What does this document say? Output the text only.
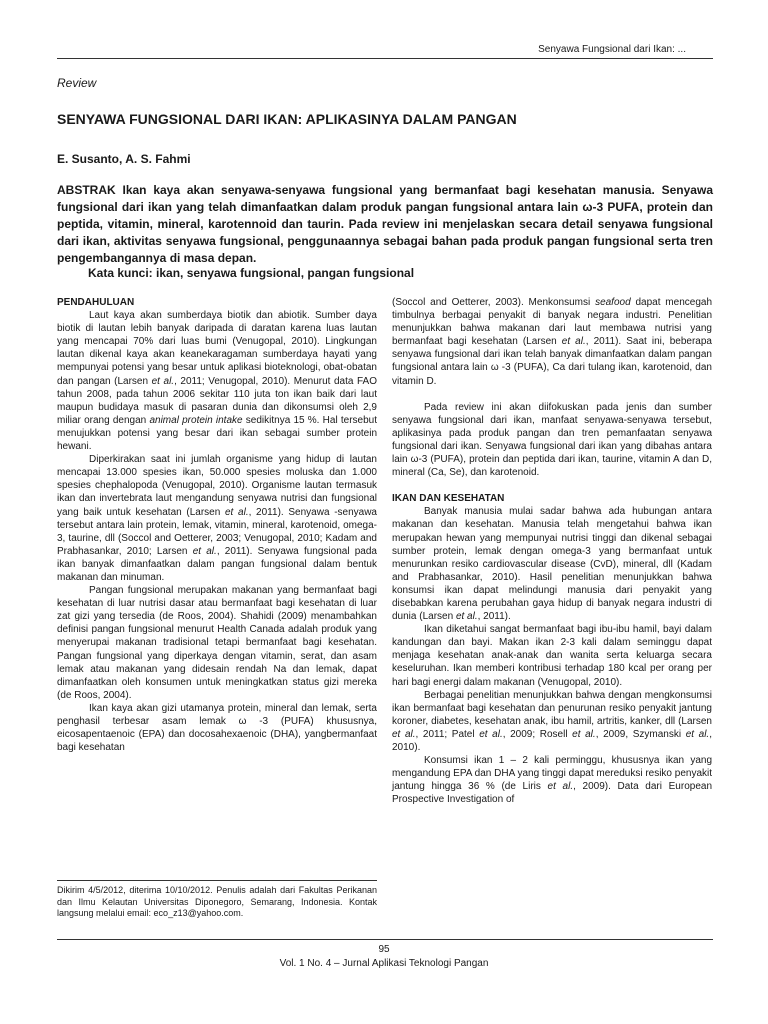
Senyawa Fungsional dari Ikan: ...
Review
SENYAWA FUNGSIONAL DARI IKAN: APLIKASINYA DALAM PANGAN
E. Susanto, A. S. Fahmi

ABSTRAK Ikan kaya akan senyawa-senyawa fungsional yang bermanfaat bagi kesehatan manusia. Senyawa fungsional dari ikan yang telah dimanfaatkan dalam produk pangan fungsional antara lain ω-3 PUFA, protein dan peptida, vitamin, mineral, karotennoid dan taurin. Pada review ini menjelaskan secara detail senyawa fungsional dari ikan, aktivitas senyawa fungsional, penggunaannya sebagai bahan pada produk pangan fungsional serta tren pengembangannya di masa depan.

Kata kunci: ikan, senyawa fungsional, pangan fungsional

PENDAHULUAN

Laut kaya akan sumberdaya biotik dan abiotik. Sumber daya biotik di lautan lebih banyak daripada di daratan karena luas lautan yang mencapai 70% dari luas bumi (Venugopal, 2010). Lingkungan lautan dikenal kaya akan keanekaragaman sumberdaya hayati yang mempunyai potensi yang besar untuk aplikasi bioteknologi, obat-obatan dan pangan (Larsen et al., 2011; Venugopal, 2010). Menurut data FAO tahun 2008, pada tahun 2006 sekitar 110 juta ton ikan baik dari laut maupun budidaya masuk di pasaran dunia dan dikonsumsi oleh 2,9 miliar orang dengan animal protein intake sedikitnya 15 %. Hal tersebut menujukkan potensi yang besar dari ikan sebagai sumber protein hewani.

Diperkirakan saat ini jumlah organisme yang hidup di lautan mencapai 13.000 spesies ikan, 50.000 spesies moluska dan 1.000 spesies chephalopoda (Venugopal, 2010). Organisme lautan termasuk ikan dan invertebrata laut mengandung senyawa nutrisi dan fungsional yang baik untuk kesehatan (Larsen et al., 2011). Senyawa -senyawa tersebut antara lain protein, lemak, vitamin, mineral, karotenoid, omega-3, taurine, dll (Soccol and Oetterer, 2003; Venugopal, 2010; Kadam and Prabhasankar, 2010; Larsen et al., 2011). Senyawa fungsional pada ikan banyak dimanfaatkan dalam pangan fungsional dalam bentuk makanan dan minuman.

Pangan fungsional merupakan makanan yang bermanfaat bagi kesehatan di luar nutrisi dasar atau bermanfaat bagi kesehatan di luar zat gizi yang tersedia (de Roos, 2004). Shahidi (2009) menambahkan definisi pangan fungsional menurut Health Canada adalah produk yang menyerupai makanan tradisional tetapi bermanfaat bagi kesehatan. Pangan fungsional yang diperkaya dengan vitamin, serat, dan asam lemak atau makanan yang didesain rendah Na dan lemak, dapat dimanfaatkan oleh konsumen untuk meningkatkan status gizi mereka (de Roos, 2004).

Ikan kaya akan gizi utamanya protein, mineral dan lemak, serta penghasil terbesar asam lemak ω -3 (PUFA) khususnya, eicosapentaenoic (EPA) dan docosahexaenoic (DHA), yangbermanfaat bagi kesehatan

Dikirim 4/5/2012, diterima 10/10/2012. Penulis adalah dari Fakultas Perikanan dan Ilmu Kelautan Universitas Diponegoro, Semarang, Indonesia. Kontak langsung melalui email: eco_z13@yahoo.com.

(Soccol and Oetterer, 2003). Menkonsumsi seafood dapat mencegah timbulnya berbagai penyakit di banyak negara industri. Penelitian menunjukkan bahwa makanan dari laut membawa nutrisi yang bermanfaat bagi kesehatan (Larsen et al., 2011). Saat ini, beberapa senyawa fungsional dari ikan telah banyak dimanfaatkan dalam pangan fungsional antara lain ω -3 (PUFA), Ca dari tulang ikan, karotenoid, dan vitamin D.

Pada review ini akan diifokuskan pada jenis dan sumber senyawa fungsional dari ikan, manfaat senyawa-senyawa tersebut, aplikasinya pada produk pangan dan tren pemanfaatan senyawa fungsional dari ikan. Senyawa fungsional dari ikan yang dibahas antara lain ω-3 (PUFA), protein dan peptida dari ikan, taurine, vitamin A dan D, mineral (Ca, Se), dan karotenoid.

IKAN DAN KESEHATAN

Banyak manusia mulai sadar bahwa ada hubungan antara makanan dan kesehatan. Manusia telah mengetahui bahwa ikan merupakan hewan yang mempunyai nutrisi tinggi dan dikenal sebagai sumber protein, lemak dengan omega-3 yang bermanfaat untuk menurunkan resiko cardiovascular disease (CvD), mineral, dll (Kadam and Prabhasankar, 2010). Hasil penelitian menunjukkan bahwa konsumsi ikan dapat melindungi manusia dari penyakit yang disebabkan karena perubahan gaya hidup di banyak negara industri di dunia (Larsen et al., 2011).

Ikan diketahui sangat bermanfaat bagi ibu-ibu hamil, bayi dalam kandungan dan bayi. Makan ikan 2-3 kali dalam seminggu dapat menjaga kesehatan anak-anak dan wanita serta keluarga secara keseluruhan. Ikan memberi kontribusi terhadap 180 kcal per orang per hari bagi energi dalam makanan (Venugopal, 2010).

Berbagai penelitian menunjukkan bahwa dengan mengkonsumsi ikan bermanfaat bagi kesehatan dan penurunan resiko penyakit jantung koroner, diabetes, kesehatan anak, ibu hamil, artritis, kanker, dll (Larsen et al., 2011; Patel et al., 2009; Rosell et al., 2009, Szymanski et al., 2010).

Konsumsi ikan 1 – 2 kali perminggu, khususnya ikan yang mengandung EPA dan DHA yang tinggi dapat mereduksi resiko penyakit jantung hingga 36 % (de Liris et al., 2009). Data dari European Prospective Investigation of

95
Vol. 1 No. 4 – Jurnal Aplikasi Teknologi Pangan
